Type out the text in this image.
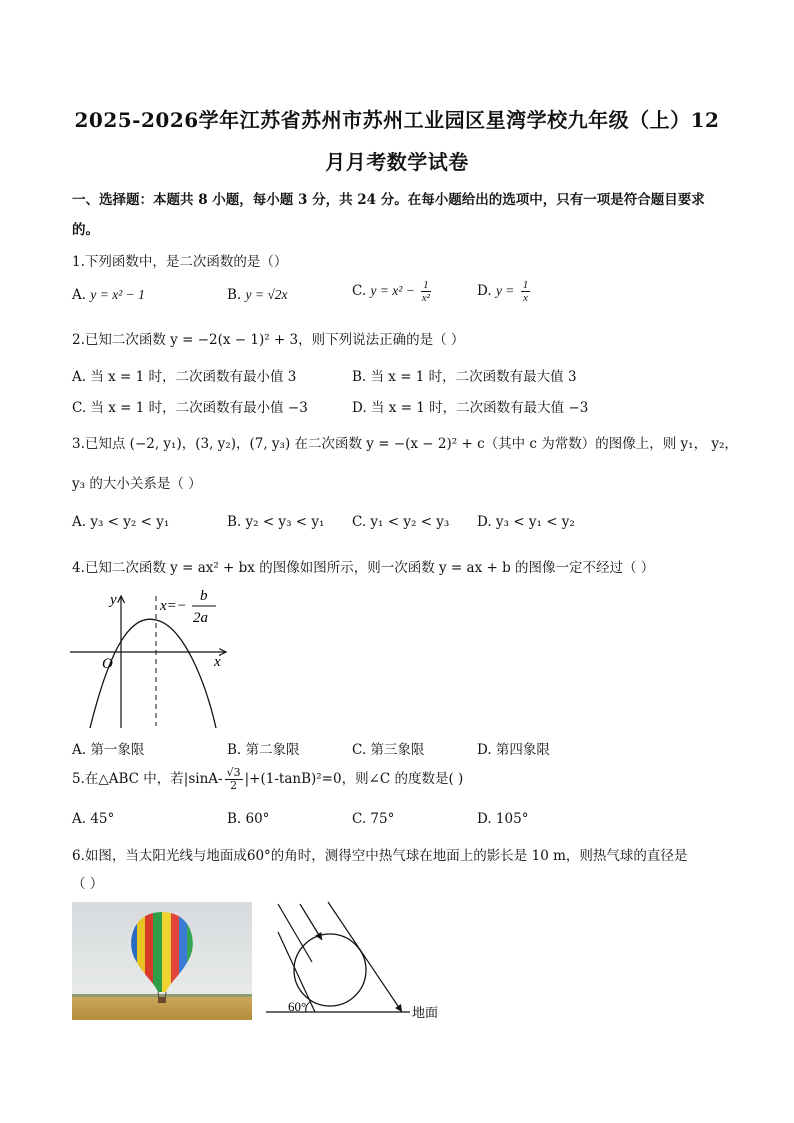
2025-2026学年江苏省苏州市苏州工业园区星湾学校九年级（上）12
月月考数学试卷
一、选择题：本题共 8 小题，每小题 3 分，共 24 分。在每小题给出的选项中，只有一项是符合题目要求
的。
1.下列函数中，是二次函数的是（）
A. y = x² − 1	B. y = √2x	C. $y = x^2 - \frac{1}{\text{x²}}$	D. $y = \frac{1}{x}$
2.已知二次函数 y = −2(x − 1)² + 3，则下列说法正确的是（ ）
A. 当 x = 1 时，二次函数有最小值 3	B. 当 x = 1 时，二次函数有最大值 3
C. 当 x = 1 时，二次函数有最小值 −3	D. 当 x = 1 时，二次函数有最大值 −3
3.已知点 (−2, y₁)，(3, y₂)，(7, y₃) 在二次函数 y = −(x − 2)² + c（其中 c 为常数）的图像上，则 y₁， y₂，
y₃ 的大小关系是（ ）
A. y₃ < y₂ < y₁	B. y₂ < y₃ < y₁ C. y₁ < y₂ < y₃ D. y₃ < y₁ < y₂
4.已知二次函数 y = ax² + bx 的图像如图所示，则一次函数 y = ax + b 的图像一定不经过（ ）
y
x
O
x=−
b
2a
A. 第一象限	B. 第二象限	C. 第三象限	D. 第四象限
5.在△ABC 中，若$|\sin A- \frac{√3}{2} |+(1-\tan B)^2=0$，则∠C 的度数是( )
A. 45°	B. 60°	C. 75°	D. 105°
6.如图，当太阳光线与地面成60°的角时，测得空中热气球在地面上的影长是 10 m，则热气球的直径是
（ ）
60°	地面
